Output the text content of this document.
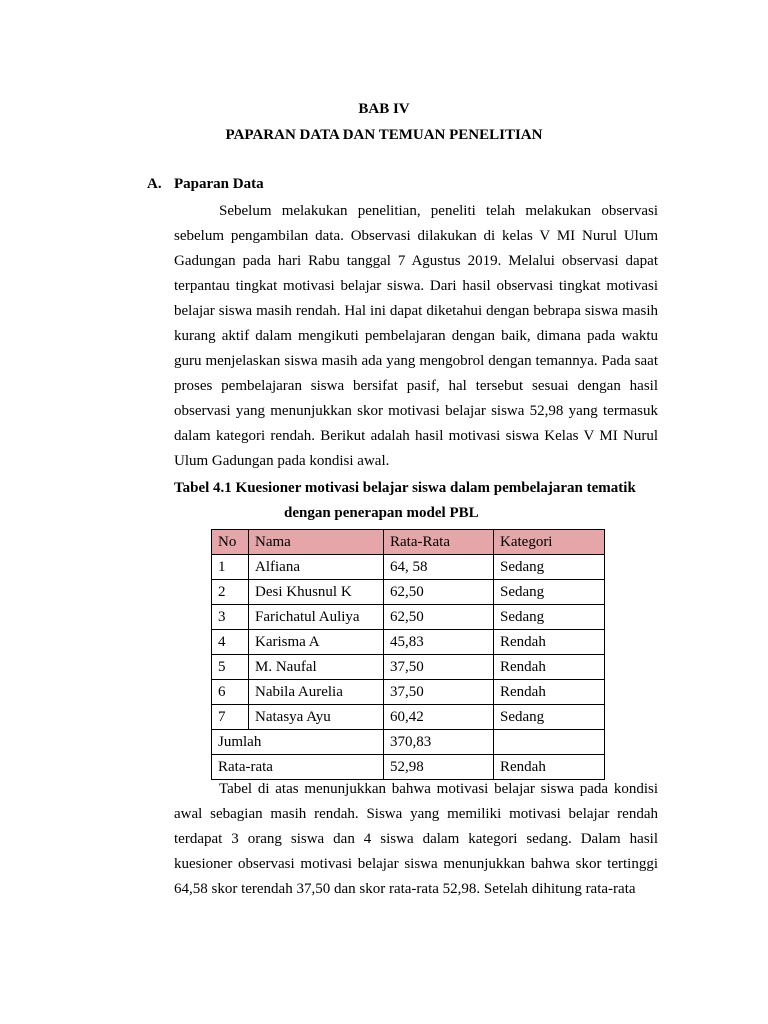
BAB IV
PAPARAN DATA DAN TEMUAN PENELITIAN
A. Paparan Data

Sebelum melakukan penelitian, peneliti telah melakukan observasi sebelum pengambilan data. Observasi dilakukan di kelas V MI Nurul Ulum Gadungan pada hari Rabu tanggal 7 Agustus 2019. Melalui observasi dapat terpantau tingkat motivasi belajar siswa. Dari hasil observasi tingkat motivasi belajar siswa masih rendah. Hal ini dapat diketahui dengan bebrapa siswa masih kurang aktif dalam mengikuti pembelajaran dengan baik, dimana pada waktu guru menjelaskan siswa masih ada yang mengobrol dengan temannya. Pada saat proses pembelajaran siswa bersifat pasif, hal tersebut sesuai dengan hasil observasi yang menunjukkan skor motivasi belajar siswa 52,98 yang termasuk dalam kategori rendah. Berikut adalah hasil motivasi siswa Kelas V MI Nurul Ulum Gadungan pada kondisi awal.

Tabel 4.1 Kuesioner motivasi belajar siswa dalam pembelajaran tematik
dengan penerapan model PBL

No	Nama	Rata-Rata	Kategori
1	Alfiana	64, 58	Sedang
2	Desi Khusnul K	62,50	Sedang
3	Farichatul Auliya	62,50	Sedang
4	Karisma A	45,83	Rendah
5	M. Naufal	37,50	Rendah
6	Nabila Aurelia	37,50	Rendah
7	Natasya Ayu	60,42	Sedang
Jumlah		370,83	
Rata-rata		52,98	Rendah

Tabel di atas menunjukkan bahwa motivasi belajar siswa pada kondisi awal sebagian masih rendah. Siswa yang memiliki motivasi belajar rendah terdapat 3 orang siswa dan 4 siswa dalam kategori sedang. Dalam hasil kuesioner observasi motivasi belajar siswa menunjukkan bahwa skor tertinggi 64,58 skor terendah 37,50 dan skor rata-rata 52,98. Setelah dihitung rata-rata
